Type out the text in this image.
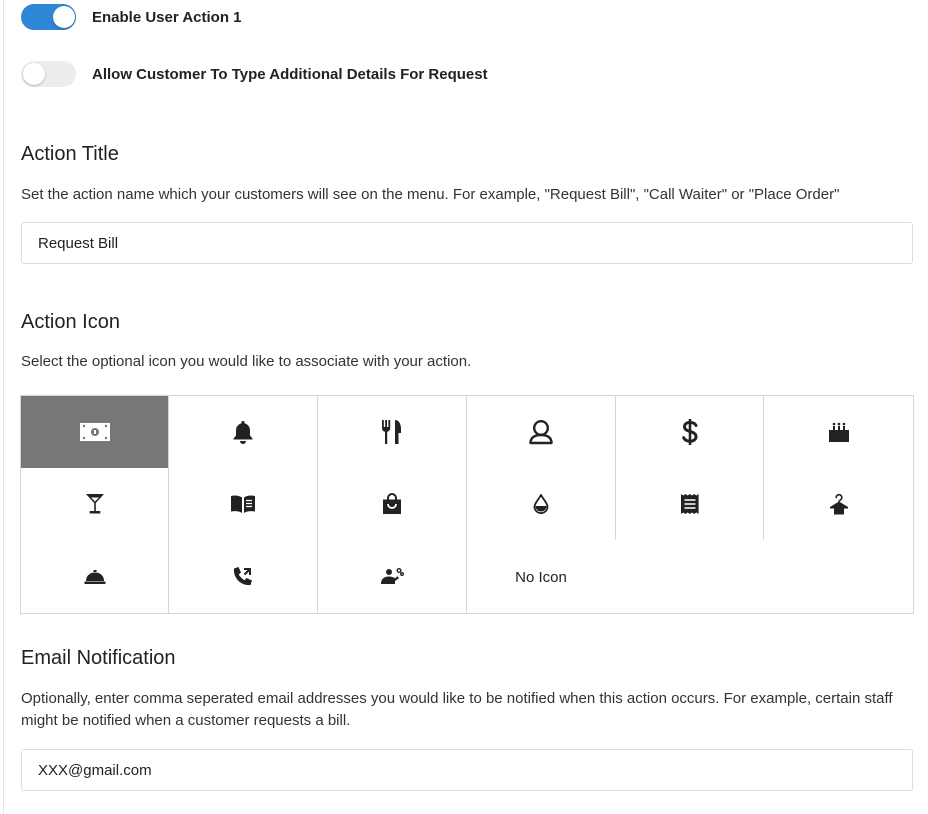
Enable User Action 1
Allow Customer To Type Additional Details For Request
Action Title

Set the action name which your customers will see on the menu. For example, "Request Bill", "Call Waiter" or "Place Order"

Request Bill
Action Icon

Select the optional icon you would like to associate with your action.

No Icon
Email Notification

Optionally, enter comma seperated email addresses you would like to be notified when this action occurs. For example, certain staff

might be notified when a customer requests a bill.

XXX@gmail.com
